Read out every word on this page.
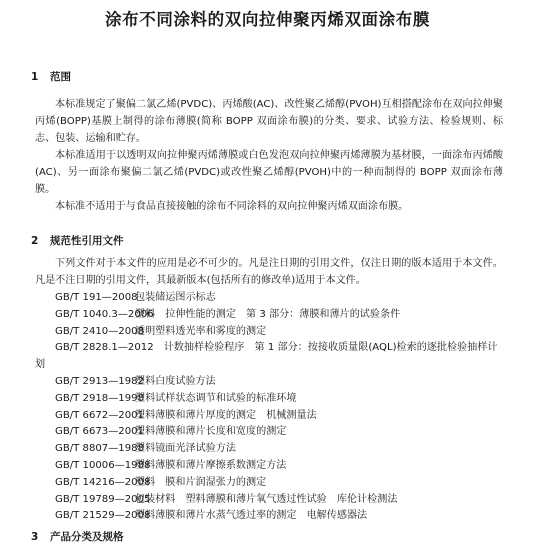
涂布不同涂料的双向拉伸聚丙烯双面涂布膜
1 范围

本标准规定了聚偏二氯乙烯(PVDC)、丙烯酸(AC)、改性聚乙烯醇(PVOH)互相搭配涂布在双向拉伸聚丙烯(BOPP)基膜上制得的涂布薄膜(简称 BOPP 双面涂布膜)的分类、要求、试验方法、检验规则、标志、包装、运输和贮存。

本标准适用于以透明双向拉伸聚丙烯薄膜或白色发泡双向拉伸聚丙烯薄膜为基材膜，一面涂布丙烯酸(AC)、另一面涂布聚偏二氯乙烯(PVDC)或改性聚乙烯醇(PVOH)中的一种而制得的 BOPP 双面涂布薄膜。

本标准不适用于与食品直接接触的涂布不同涂料的双向拉伸聚丙烯双面涂布膜。

2 规范性引用文件

下列文件对于本文件的应用是必不可少的。凡是注日期的引用文件，仅注日期的版本适用于本文件。凡是不注日期的引用文件，其最新版本(包括所有的修改单)适用于本文件。

GB/T 191—2008包装储运图示标志
GB/T 1040.3—2006塑料　拉伸性能的测定　第 3 部分：薄膜和薄片的试验条件
GB/T 2410—2008透明塑料透光率和雾度的测定
GB/T 2828.1—2012　 计数抽样检验程序　第 1 部分：按接收质量限(AQL)检索的逐批检验抽样计划
GB/T 2913—1982塑料白度试验方法
GB/T 2918—1998塑料试样状态调节和试验的标准环境
GB/T 6672—2001塑料薄膜和薄片厚度的测定　机械测量法
GB/T 6673—2001塑料薄膜和薄片长度和宽度的测定
GB/T 8807—1988塑料镜面光泽试验方法
GB/T 10006—1988塑料薄膜和薄片摩擦系数测定方法
GB/T 14216—2008塑料　膜和片润湿张力的测定
GB/T 19789—2005包装材料　塑料薄膜和薄片氧气透过性试验　库伦计检测法
GB/T 21529—2008塑料薄膜和薄片水蒸气透过率的测定　电解传感器法
3 产品分类及规格
